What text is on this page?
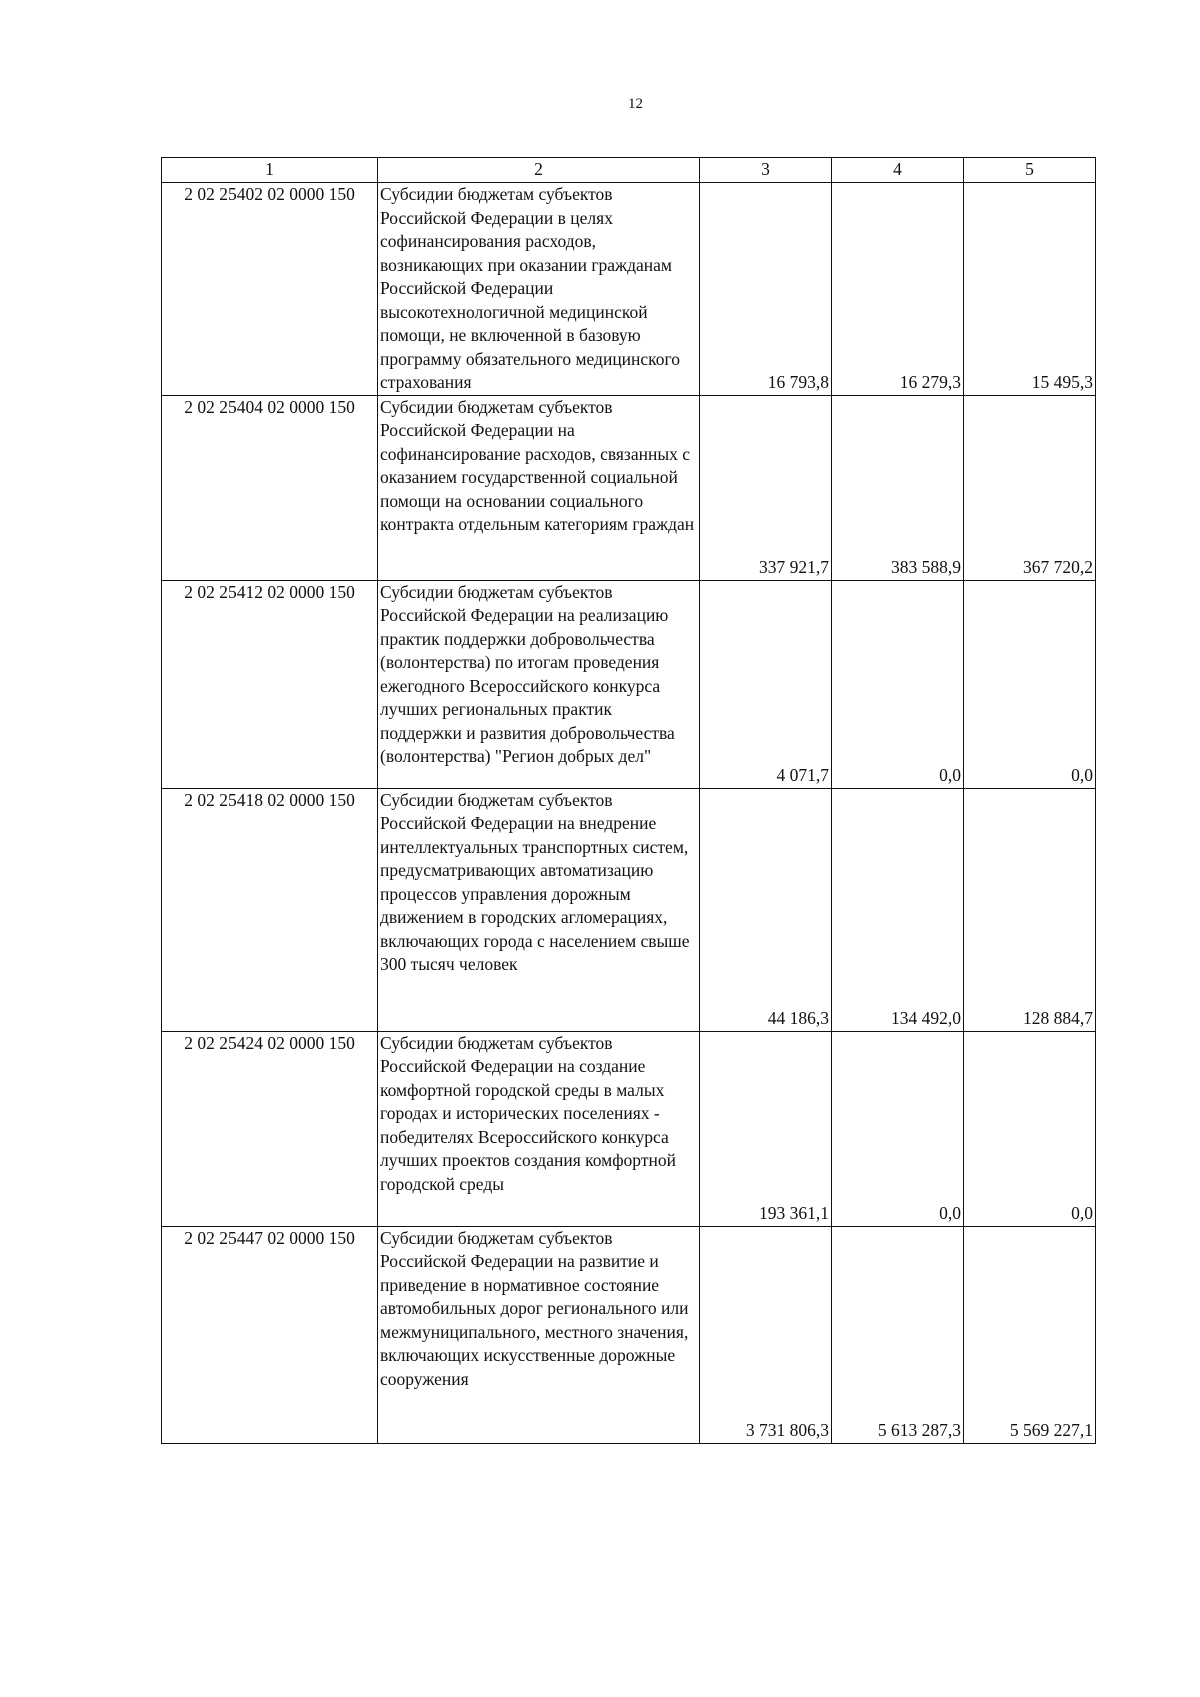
12
1	2	3	4	5
2 02 25402 02 0000 150	Субсидии бюджетам субъектов Российской Федерации в целях софинансирования расходов, возникающих при оказании гражданам Российской Федерации высокотехнологичной медицинской помощи, не включенной в базовую программу обязательного медицинского страхования	16 793,8	16 279,3	15 495,3
2 02 25404 02 0000 150	Субсидии бюджетам субъектов Российской Федерации на софинансирование расходов, связанных с оказанием государственной социальной помощи на основании социального контракта отдельным категориям граждан	337 921,7	383 588,9	367 720,2
2 02 25412 02 0000 150	Субсидии бюджетам субъектов Российской Федерации на реализацию практик поддержки добровольчества (волонтерства) по итогам проведения ежегодного Всероссийского конкурса лучших региональных практик поддержки и развития добровольчества (волонтерства) "Регион добрых дел"	4 071,7	0,0	0,0
2 02 25418 02 0000 150	Субсидии бюджетам субъектов Российской Федерации на внедрение интеллектуальных транспортных систем, предусматривающих автоматизацию процессов управления дорожным движением в городских агломерациях, включающих города с населением свыше 300 тысяч человек	44 186,3	134 492,0	128 884,7
2 02 25424 02 0000 150	Субсидии бюджетам субъектов Российской Федерации на создание комфортной городской среды в малых городах и исторических поселениях - победителях Всероссийского конкурса лучших проектов создания комфортной городской среды	193 361,1	0,0	0,0
2 02 25447 02 0000 150	Субсидии бюджетам субъектов Российской Федерации на развитие и приведение в нормативное состояние автомобильных дорог регионального или межмуниципального, местного значения, включающих искусственные дорожные сооружения	3 731 806,3	5 613 287,3	5 569 227,1
